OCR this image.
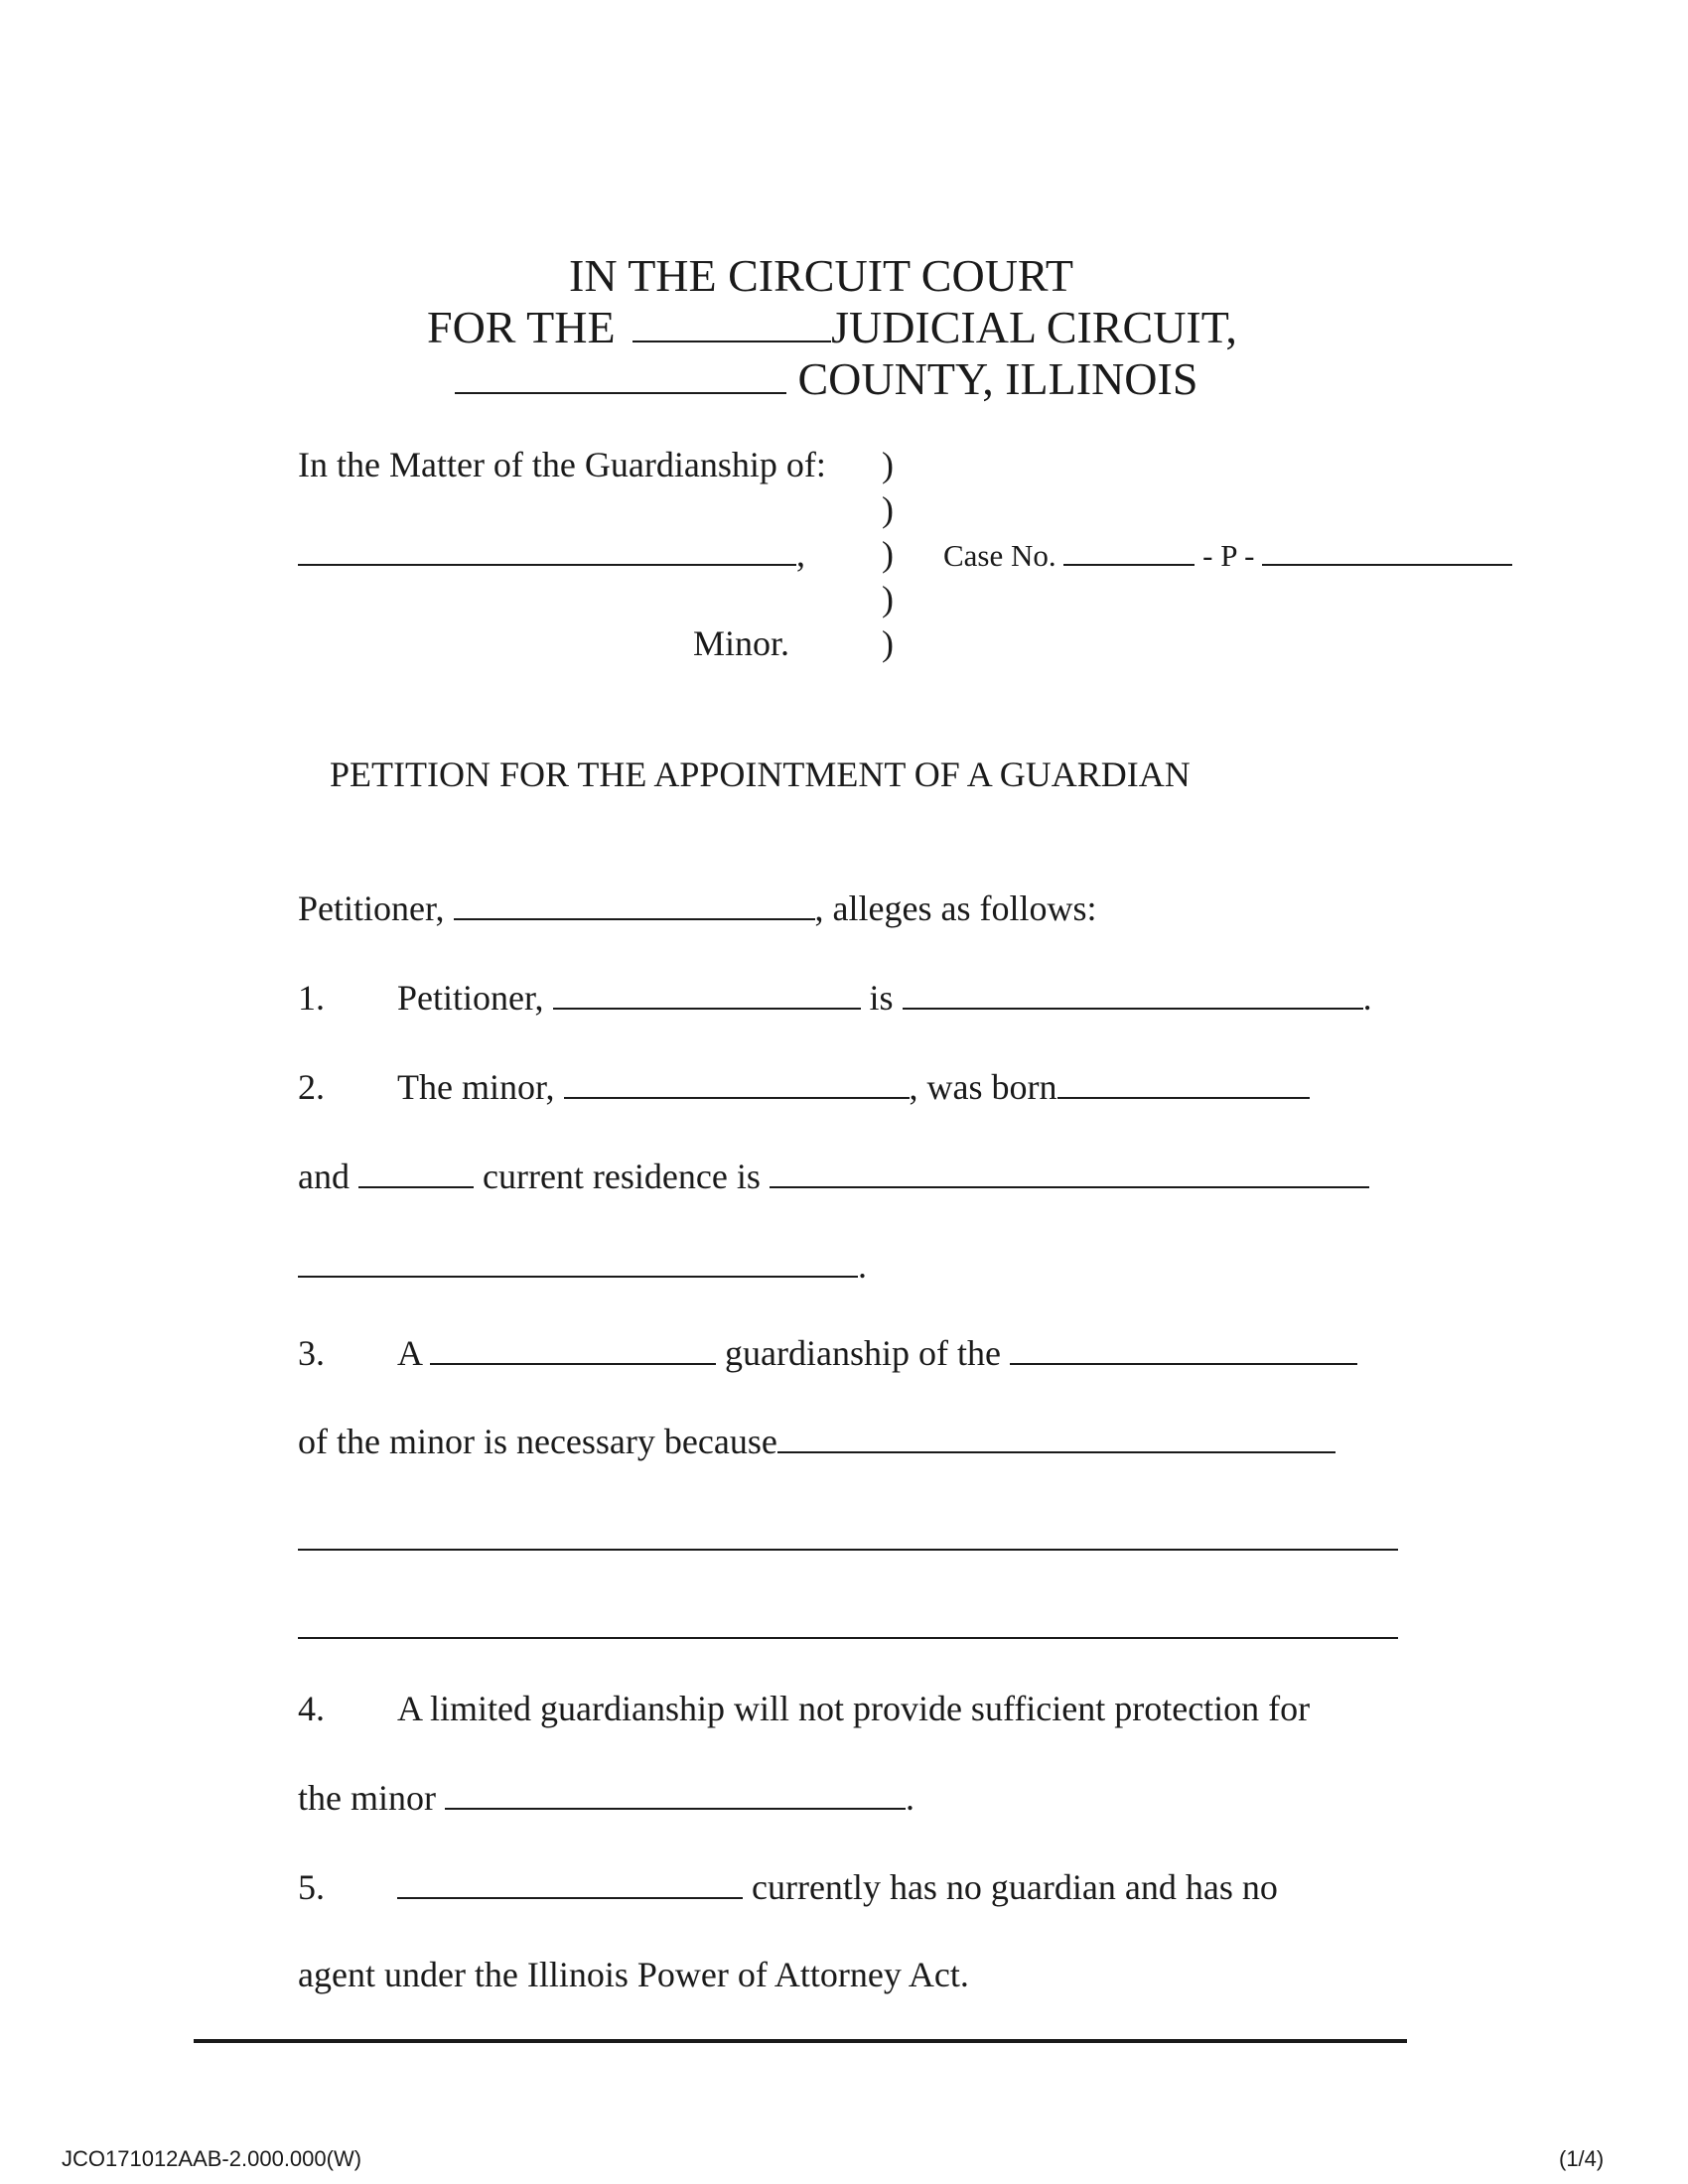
IN THE CIRCUIT COURT
FOR THE	JUDICIAL CIRCUIT,
COUNTY, ILLINOIS
In the Matter of the Guardianship of: )
)
, ) Case No.	- P -
)
Minor.	)
PETITION FOR THE APPOINTMENT OF A GUARDIAN
Petitioner,	, alleges as follows:
1. Petitioner,	is	.
2. The minor,	, was born
and	current residence is
.
3. A	guardianship of the
of the minor is necessary because
4. A limited guardianship will not provide sufficient protection for
the minor	.
5.	currently has no guardian and has no
agent under the Illinois Power of Attorney Act.
JCO171012AAB-2.000.000(W)	(1/4)
